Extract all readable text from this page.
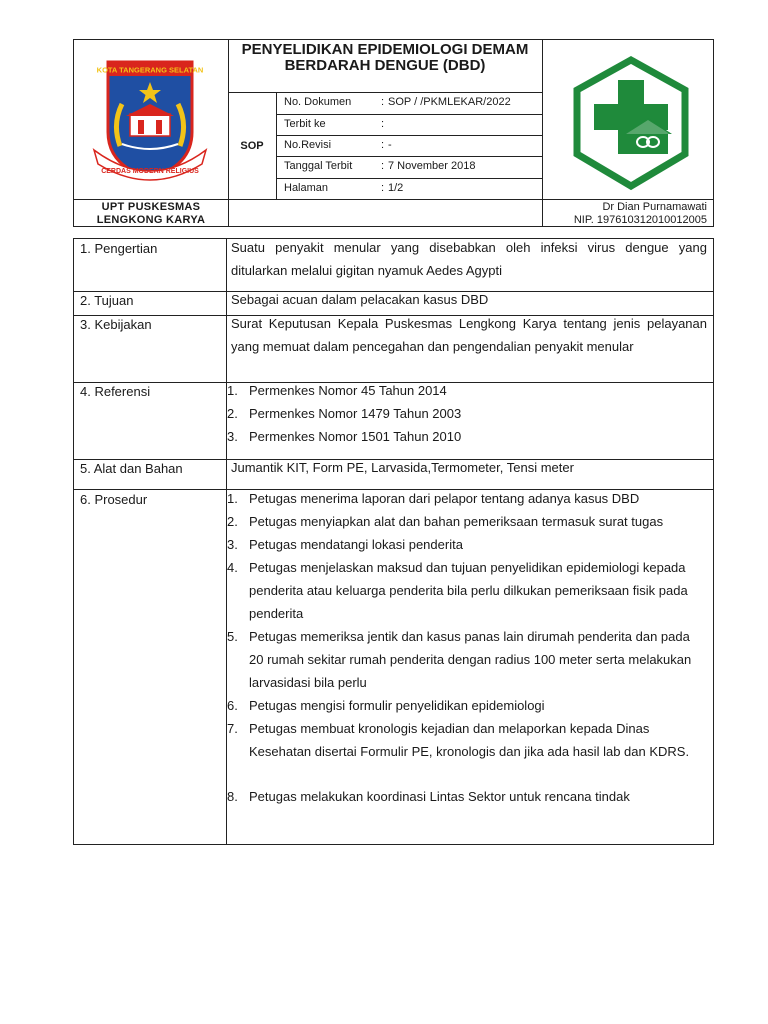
KOTA TANGERANG SELATAN
CERDAS MODERN RELIGIUS
PENYELIDIKAN EPIDEMIOLOGI DEMAM BERDARAH DENGUE (DBD)
SOP
No. Dokumen	: SOP / /PKMLEKAR/2022
Terbit ke	:
No.Revisi	: -
Tanggal Terbit	: 7 November 2018
Halaman	: 1/2
UPT PUSKESMAS
LENGKONG KARYA
Dr Dian Purnamawati
NIP. 197610312010012005
1. Pengertian	Suatu penyakit menular yang disebabkan oleh infeksi virus dengue yang ditularkan melalui gigitan nyamuk Aedes Agypti
2. Tujuan	Sebagai acuan dalam pelacakan kasus DBD
3. Kebijakan	Surat Keputusan Kepala Puskesmas Lengkong Karya tentang jenis pelayanan yang memuat dalam pencegahan dan pengendalian penyakit menular
4. Referensi	1. Permenkes Nomor 45 Tahun 2014
2. Permenkes Nomor 1479 Tahun 2003
3. Permenkes Nomor 1501 Tahun 2010
5. Alat dan Bahan	Jumantik KIT, Form PE, Larvasida,Termometer, Tensi meter
6. Prosedur	1. Petugas menerima laporan dari pelapor tentang adanya kasus DBD
2. Petugas menyiapkan alat dan bahan pemeriksaan termasuk surat tugas
3. Petugas mendatangi lokasi penderita
4. Petugas menjelaskan maksud dan tujuan penyelidikan epidemiologi kepada penderita atau keluarga penderita bila perlu dilkukan pemeriksaan fisik pada penderita
5. Petugas memeriksa jentik dan kasus panas lain dirumah penderita dan pada 20 rumah sekitar rumah penderita dengan radius 100 meter serta melakukan larvasidasi bila perlu
6. Petugas mengisi formulir penyelidikan epidemiologi
7. Petugas membuat kronologis kejadian dan melaporkan kepada Dinas Kesehatan disertai Formulir PE, kronologis dan jika ada hasil lab dan KDRS.
8. Petugas melakukan koordinasi Lintas Sektor untuk rencana tindak
